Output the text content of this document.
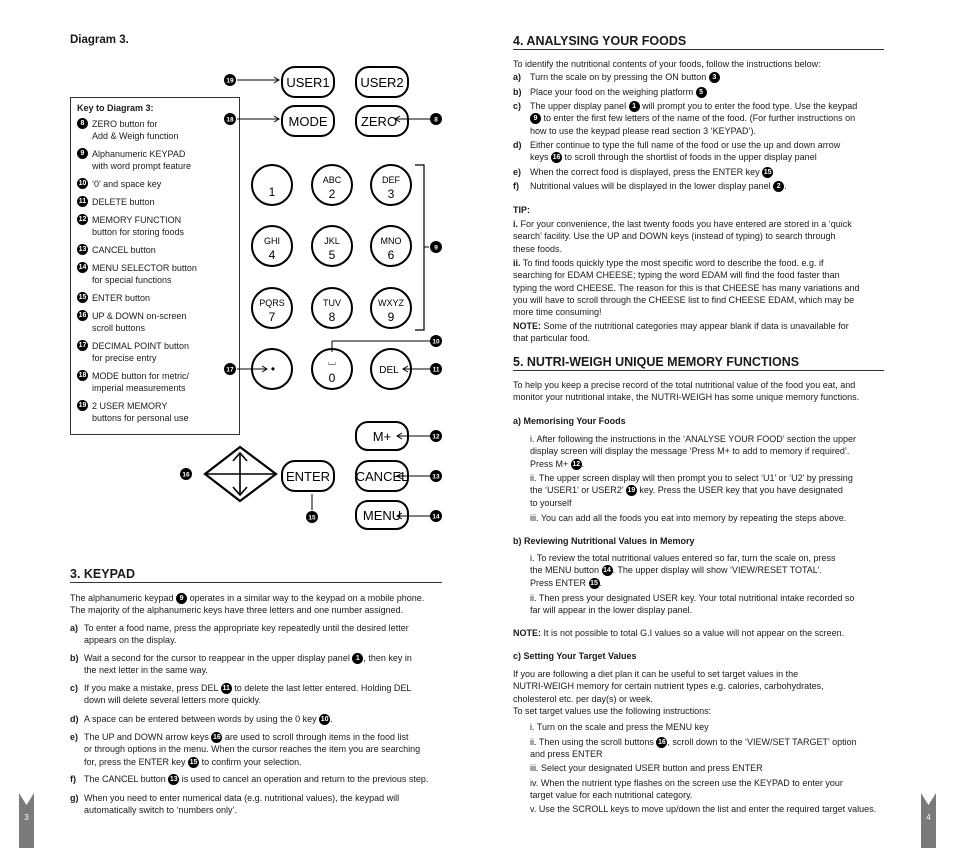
Diagram 3.
Key to Diagram 3:
8 ZERO button for
Add & Weigh function
9 Alphanumeric KEYPAD
with word prompt feature
10 ‘0’ and space key
11 DELETE button
12 MEMORY FUNCTION
button for storing foods
13 CANCEL button
14 MENU SELECTOR button
for special functions
15 ENTER button
16 UP & DOWN on-screen
scroll buttons
17 DECIMAL POINT button
for precise entry
18 MODE button for metric/
imperial measurements
19 2 USER MEMORY
buttons for personal use
19
18	8
9
10
11
17
12
16	13
15	14
USER1 USER2
MODE	ZERO
M+
ENTER CANCEL
MENU
1
ABC
2
DEF
3
GHI
4
JKL
5
MNO
6
PQRS
7
TUV
8
WXYZ
9
•	⌴
0
DEL
3. KEYPAD
The alphanumeric keypad 9 operates in a similar way to the keypad on a mobile phone.
The majority of the alphanumeric keys have three letters and one number assigned.
a) To enter a food name, press the appropriate key repeatedly until the desired letter
appears on the display.
b) Wait a second for the cursor to reappear in the upper display panel 1 , then key in
the next letter in the same way.
c) If you make a mistake, press DEL 11 to delete the last letter entered. Holding DEL
down will delete several letters more quickly.
d) A space can be entered between words by using the 0 key 10 .
e) The UP and DOWN arrow keys 16 are used to scroll through items in the food list
or through options in the menu. When the cursor reaches the item you are searching
for, press the ENTER key 15 to confirm your selection.
f) The CANCEL button 13 is used to cancel an operation and return to the previous step.
g) When you need to enter numerical data (e.g. nutritional values), the keypad will
automatically switch to ‘numbers only’.
3
4. ANALYSING YOUR FOODS
To identify the nutritional contents of your foods, follow the instructions below:
a) Turn the scale on by pressing the ON button 3
b) Place your food on the weighing platform 5
c) The upper display panel 1 will prompt you to enter the food type. Use the keypad
9 to enter the first few letters of the name of the food. (For further instructions on
how to use the keypad please read section 3 ‘KEYPAD’).
d) Either continue to type the full name of the food or use the up and down arrow
keys 16 to scroll through the shortlist of foods in the upper display panel
e) When the correct food is displayed, press the ENTER key 15
f) Nutritional values will be displayed in the lower display panel 2 .
TIP:
i. For your convenience, the last twenty foods you have entered are stored in a ‘quick
search’ facility. Use the UP and DOWN keys (instead of typing) to search through
these foods.
ii. To find foods quickly type the most specific word to describe the food. e.g. if
searching for EDAM CHEESE; typing the word EDAM will find the food faster than
typing the word CHEESE. The reason for this is that CHEESE has many variations and
you will have to scroll through the CHEESE list to find CHEESE EDAM, which may be
more time consuming!
NOTE: Some of the nutritional categories may appear blank if data is unavailable for
that particular food.
5. NUTRI-WEIGH UNIQUE MEMORY FUNCTIONS
To help you keep a precise record of the total nutritional value of the food you eat, and
monitor your nutritional intake, the NUTRI-WEIGH has some unique memory functions.
a) Memorising Your Foods
i. After following the instructions in the ‘ANALYSE YOUR FOOD’ section the upper
display screen will display the message ‘Press M+ to add to memory if required’.
Press M+ 12 .
ii. The upper screen display will then prompt you to select ‘U1’ or ‘U2’ by pressing
the ‘USER1’ or USER2’ 19 key. Press the USER key that you have designated
to yourself
iii. You can add all the foods you eat into memory by repeating the steps above.
b) Reviewing Nutritional Values in Memory
i. To review the total nutritional values entered so far, turn the scale on, press
the MENU button 14 . The upper display will show ‘VIEW/RESET TOTAL’.
Press ENTER 15 .
ii. Then press your designated USER key. Your total nutritional intake recorded so
far will appear in the lower display panel.
NOTE: It is not possible to total G.I values so a value will not appear on the screen.
c) Setting Your Target Values
If you are following a diet plan it can be useful to set target values in the
NUTRI-WEIGH memory for certain nutrient types e.g. calories, carbohydrates,
cholesterol etc. per day(s) or week.
To set target values use the following instructions:
i. Turn on the scale and press the MENU key
ii. Then using the scroll buttons 16 , scroll down to the ‘VIEW/SET TARGET’ option
and press ENTER
iii. Select your designated USER button and press ENTER
iv. When the nutrient type flashes on the screen use the KEYPAD to enter your
target value for each nutritional category.
v. Use the SCROLL keys to move up/down the list and enter the required target values.
4
